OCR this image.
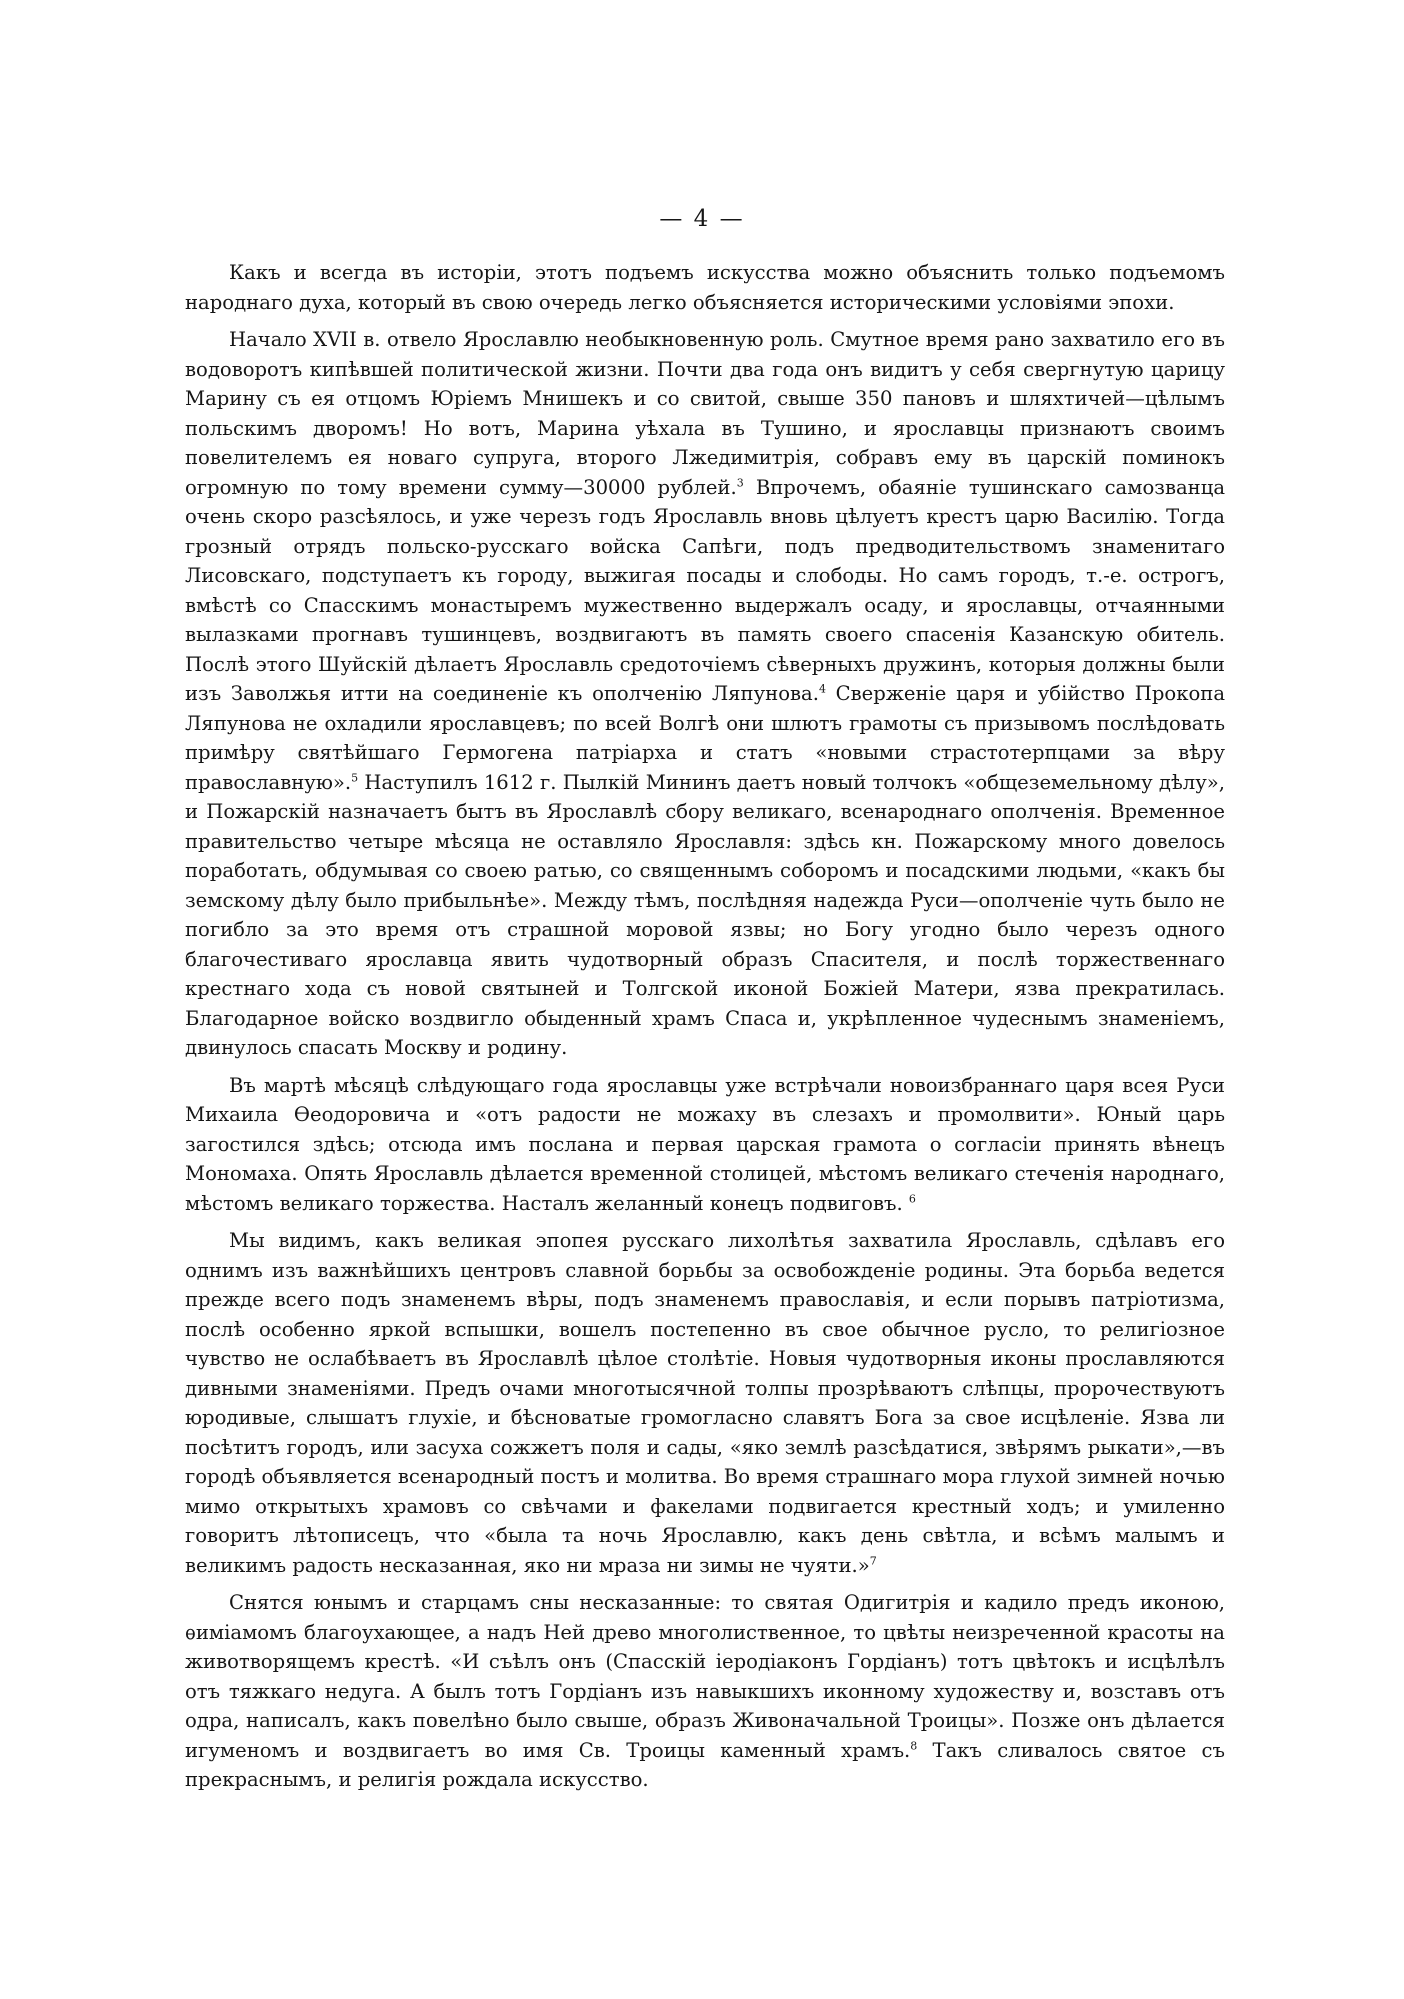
— 4 —

Какъ и всегда въ исторіи, этотъ подъемъ искусства можно объяснить только подъемомъ народнаго духа, который въ свою очередь легко объясняется историческими условіями эпохи.

Начало XVII в. отвело Ярославлю необыкновенную роль. Смутное время рано захватило его въ водоворотъ кипѣвшей политической жизни. Почти два года онъ видитъ у себя свергнутую царицу Марину съ ея отцомъ Юріемъ Мнишекъ и со свитой, свыше 350 пановъ и шляхтичей—цѣлымъ польскимъ дворомъ! Но вотъ, Марина уѣхала въ Тушино, и ярославцы признаютъ своимъ повелителемъ ея новаго супруга, второго Лжедимитрія, собравъ ему въ царскій поминокъ огромную по тому времени сумму—30000 рублей.$^3$ Впрочемъ, обаяніе тушинскаго самозванца очень скоро разсѣялось, и уже черезъ годъ Ярославль вновь цѣлуетъ крестъ царю Василію. Тогда грозный отрядъ польско-русскаго войска Сапѣги, подъ предводительствомъ знаменитаго Лисовскаго, подступаетъ къ городу, выжигая посады и слободы. Но самъ городъ, т.-е. острогъ, вмѣстѣ со Спасскимъ монастыремъ мужественно выдержалъ осаду, и ярославцы, отчаянными вылазками прогнавъ тушинцевъ, воздвигаютъ въ память своего спасенія Казанскую обитель. Послѣ этого Шуйскій дѣлаетъ Ярославль средоточіемъ сѣверныхъ дружинъ, которыя должны были изъ Заволжья итти на соединеніе къ ополченію Ляпунова.$^4$ Сверженіе царя и убійство Прокопа Ляпунова не охладили ярославцевъ; по всей Волгѣ они шлютъ грамоты съ призывомъ послѣдовать примѣру святѣйшаго Гермогена патріарха и статъ «новыми страстотерпцами за вѣру православную».$^5$ Наступилъ 1612 г. Пылкій Мининъ даетъ новый толчокъ «общеземельному дѣлу», и Пожарскій назначаетъ бытъ въ Ярославлѣ сбору великаго, всенароднаго ополченія. Временное правительство четыре мѣсяца не оставляло Ярославля: здѣсь кн. Пожарскому много довелось поработать, обдумывая со своею ратью, со священнымъ соборомъ и посадскими людьми, «какъ бы земскому дѣлу было прибыльнѣе». Между тѣмъ, послѣдняя надежда Руси—ополченіе чуть было не погибло за это время отъ страшной моровой язвы; но Богу угодно было черезъ одного благочестиваго ярославца явить чудотворный образъ Спасителя, и послѣ торжественнаго крестнаго хода съ новой святыней и Толгской иконой Божіей Матери, язва прекратилась. Благодарное войско воздвигло обыденный храмъ Спаса и, укрѣпленное чудеснымъ знаменіемъ, двинулось спасать Москву и родину.

Въ мартѣ мѣсяцѣ слѣдующаго года ярославцы уже встрѣчали новоизбраннаго царя всея Руси Михаила Ѳеодоровича и «отъ радости не можаху въ слезахъ и промолвити». Юный царь загостился здѣсь; отсюда имъ послана и первая царская грамота о согласіи принять вѣнецъ Мономаха. Опять Ярославль дѣлается временной столицей, мѣстомъ великаго стеченія народнаго, мѣстомъ великаго торжества. Насталъ желанный конецъ подвиговъ. $^6$

Мы видимъ, какъ великая эпопея русскаго лихолѣтья захватила Ярославль, сдѣлавъ его однимъ изъ важнѣйшихъ центровъ славной борьбы за освобожденіе родины. Эта борьба ведется прежде всего подъ знаменемъ вѣры, подъ знаменемъ православія, и если порывъ патріотизма, послѣ особенно яркой вспышки, вошелъ постепенно въ свое обычное русло, то религіозное чувство не ослабѣваетъ въ Ярославлѣ цѣлое столѣтіе. Новыя чудотворныя иконы прославляются дивными знаменіями. Предъ очами многотысячной толпы прозрѣваютъ слѣпцы, пророчествуютъ юродивые, слышатъ глухіе, и бѣсноватые громогласно славятъ Бога за свое исцѣленіе. Язва ли посѣтитъ городъ, или засуха сожжетъ поля и сады, «яко землѣ разсѣдатися, звѣрямъ рыкати»,—въ городѣ объявляется всенародный постъ и молитва. Во время страшнаго мора глухой зимней ночью мимо открытыхъ храмовъ со свѣчами и факелами подвигается крестный ходъ; и умиленно говоритъ лѣтописецъ, что «была та ночь Ярославлю, какъ день свѣтла, и всѣмъ малымъ и великимъ радость несказанная, яко ни мраза ни зимы не чуяти.»$^7$

Снятся юнымъ и старцамъ сны несказанные: то святая Одигитрія и кадило предъ иконою, ѳиміамомъ благоухающее, а надъ Ней древо многолиственное, то цвѣты неизреченной красоты на животворящемъ крестѣ. «И съѣлъ онъ (Спасскій іеродіаконъ Гордіанъ) тотъ цвѣтокъ и исцѣлѣлъ отъ тяжкаго недуга. А былъ тотъ Гордіанъ изъ навыкшихъ иконному художеству и, возставъ отъ одра, написалъ, какъ повелѣно было свыше, образъ Живоначальной Троицы». Позже онъ дѣлается игуменомъ и воздвигаетъ во имя Св. Троицы каменный храмъ.$^8$ Такъ сливалось святое съ прекраснымъ, и религія рождала искусство.
